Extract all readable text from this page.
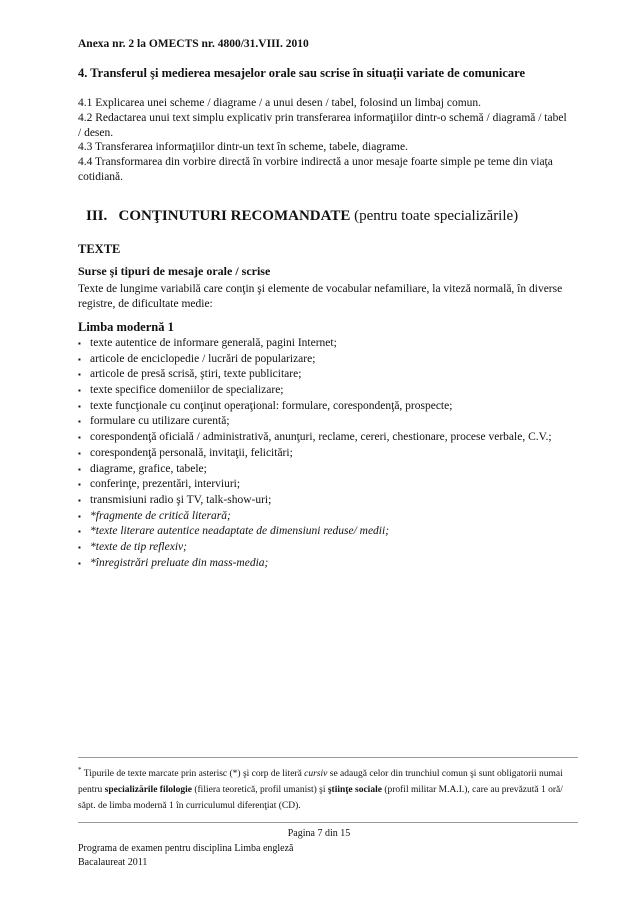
Anexa nr. 2 la OMECTS nr. 4800/31.VIII. 2010
4. Transferul şi medierea mesajelor orale sau scrise în situaţii variate de comunicare

4.1 Explicarea unei scheme / diagrame / a unui desen / tabel, folosind un limbaj comun.

4.2 Redactarea unui text simplu explicativ prin transferarea informaţiilor dintr-o schemă / diagramă / tabel / desen.

4.3 Transferarea informaţiilor dintr-un text în scheme, tabele, diagrame.

4.4 Transformarea din vorbire directă în vorbire indirectă a unor mesaje foarte simple pe teme din viaţa cotidiană.

III. CONŢINUTURI RECOMANDATE (pentru toate specializările)
TEXTE
Surse şi tipuri de mesaje orale / scrise
Texte de lungime variabilă care conţin şi elemente de vocabular nefamiliare, la viteză normală, în diverse registre, de dificultate medie:
Limba modernă 1
▪ texte autentice de informare generală, pagini Internet;
▪ articole de enciclopedie / lucrări de popularizare;
▪ articole de presă scrisă, ştiri, texte publicitare;
▪ texte specifice domeniilor de specializare;
▪ texte funcţionale cu conţinut operaţional: formulare, corespondenţă, prospecte;
▪ formulare cu utilizare curentă;
▪ corespondenţă oficială / administrativă, anunţuri, reclame, cereri, chestionare, procese verbale, C.V.;
▪ corespondenţă personală, invitaţii, felicitări;
▪ diagrame, grafice, tabele;
▪ conferinţe, prezentări, interviuri;
▪ transmisiuni radio şi TV, talk-show-uri;
▪ *fragmente de critică literară;
▪ *texte literare autentice neadaptate de dimensiuni reduse/ medii;
▪ *texte de tip reflexiv;
▪ *înregistrări preluate din mass-media;
* Tipurile de texte marcate prin asterisc (*) şi corp de literă cursiv se adaugă celor din trunchiul comun şi sunt obligatorii numai pentru specializările filologie (filiera teoretică, profil umanist) şi ştiinţe sociale (profil militar M.A.I.), care au prevăzută 1 oră/ săpt. de limba modernă 1 în curriculumul diferenţiat (CD).
Pagina 7 din 15
Programa de examen pentru disciplina Limba engleză
Bacalaureat 2011
